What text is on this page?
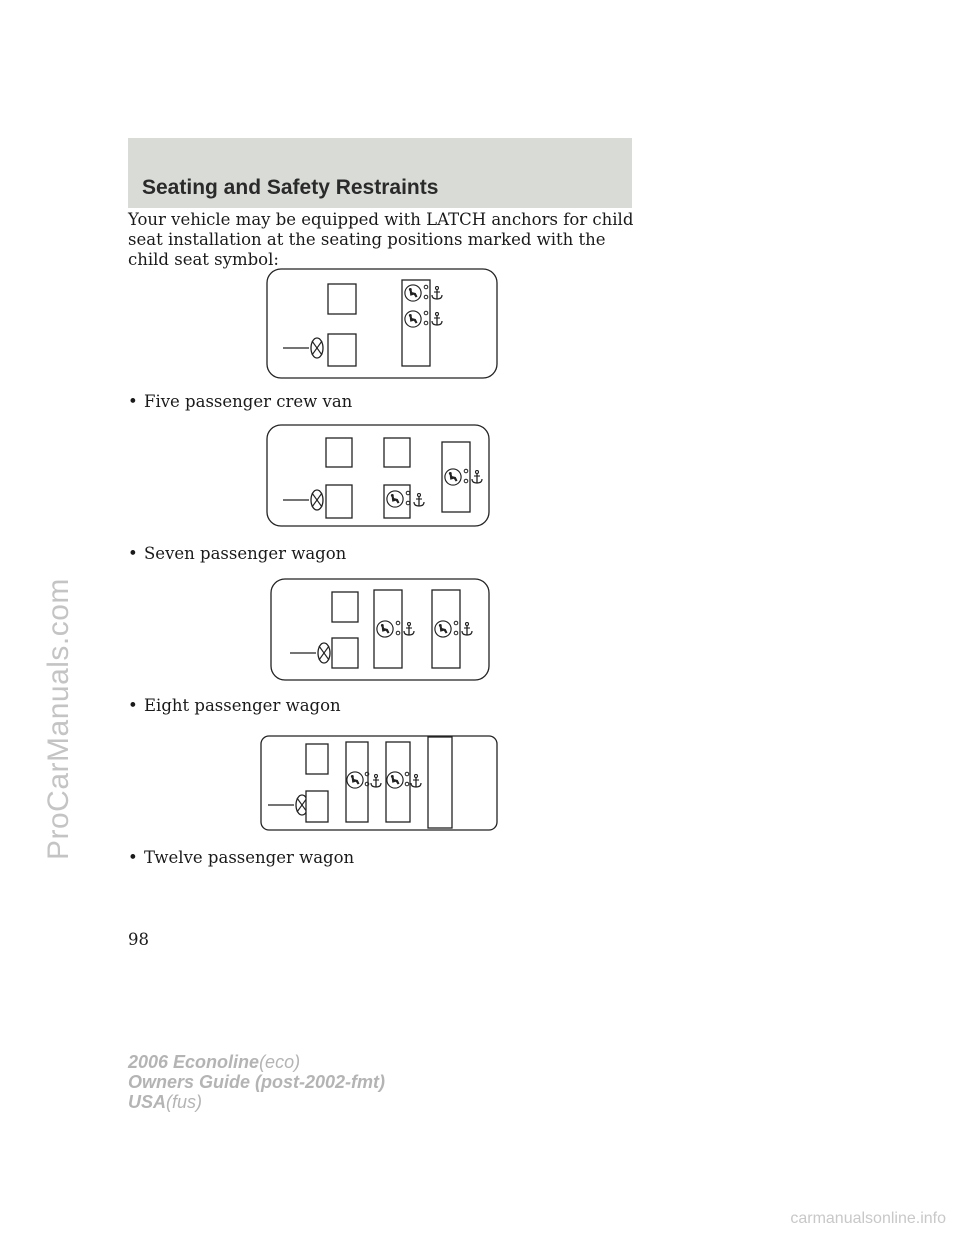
ProCarManuals.com
Seating and Safety Restraints

Your vehicle may be equipped with LATCH anchors for child seat installation at the seating positions marked with the child seat symbol:

• Five passenger crew van
• Seven passenger wagon
• Eight passenger wagon
• Twelve passenger wagon
98
2006 Econoline(eco)
Owners Guide (post-2002-fmt)
USA(fus)
carmanualsonline.info
